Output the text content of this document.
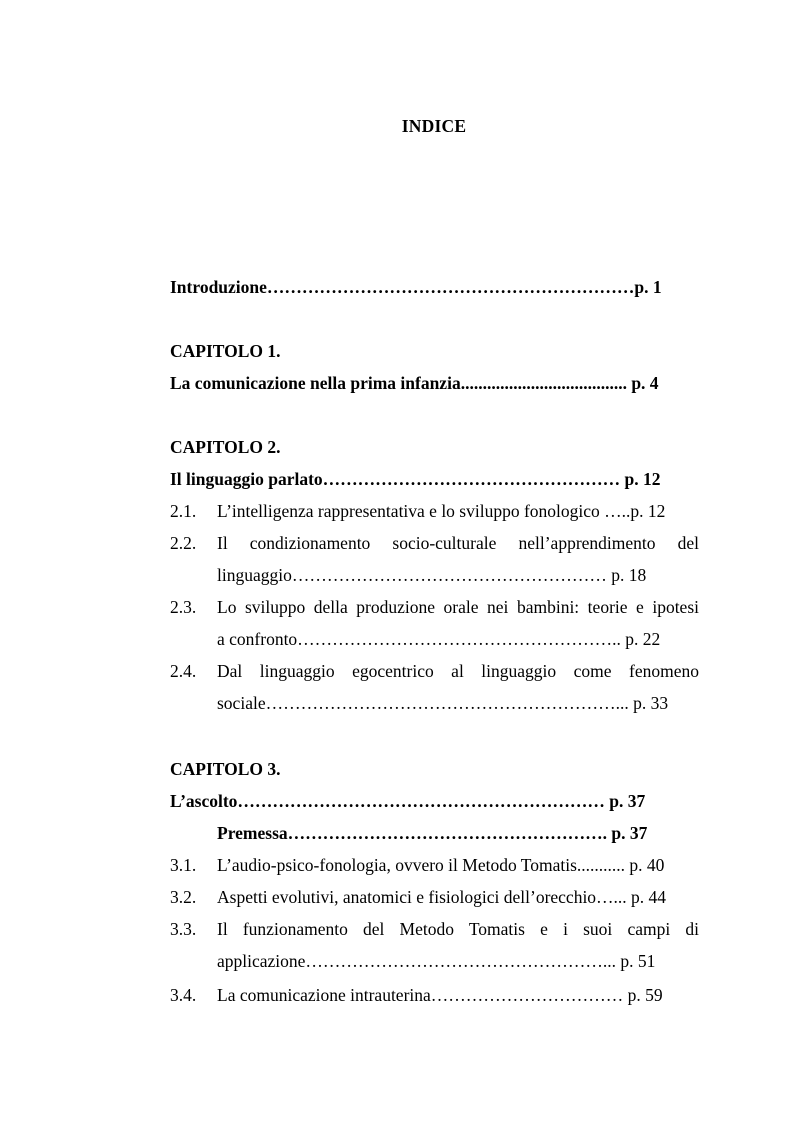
INDICE
Introduzione………………………………………………………p. 1
CAPITOLO 1.
La comunicazione nella prima infanzia...................................... p. 4
CAPITOLO 2.
Il linguaggio parlato…………………………………………… p. 12
2.1. L’intelligenza rappresentativa e lo sviluppo fonologico …..p. 12
2.2. Il condizionamento socio-culturale nell’apprendimento del
linguaggio……………………………………………… p. 18
2.3. Lo sviluppo della produzione orale nei bambini: teorie e ipotesi
a confronto……………………………………………….. p. 22
2.4. Dal linguaggio egocentrico al linguaggio come fenomeno
sociale……………………………………………………... p. 33
CAPITOLO 3.
L’ascolto……………………………………………………… p. 37
Premessa………………………………………………. p. 37
3.1. L’audio-psico-fonologia, ovvero il Metodo Tomatis........... p. 40
3.2. Aspetti evolutivi, anatomici e fisiologici dell’orecchio…... p. 44
3.3. Il funzionamento del Metodo Tomatis e i suoi campi di
applicazione……………………………………………... p. 51
3.4. La comunicazione intrauterina…………………………… p. 59
